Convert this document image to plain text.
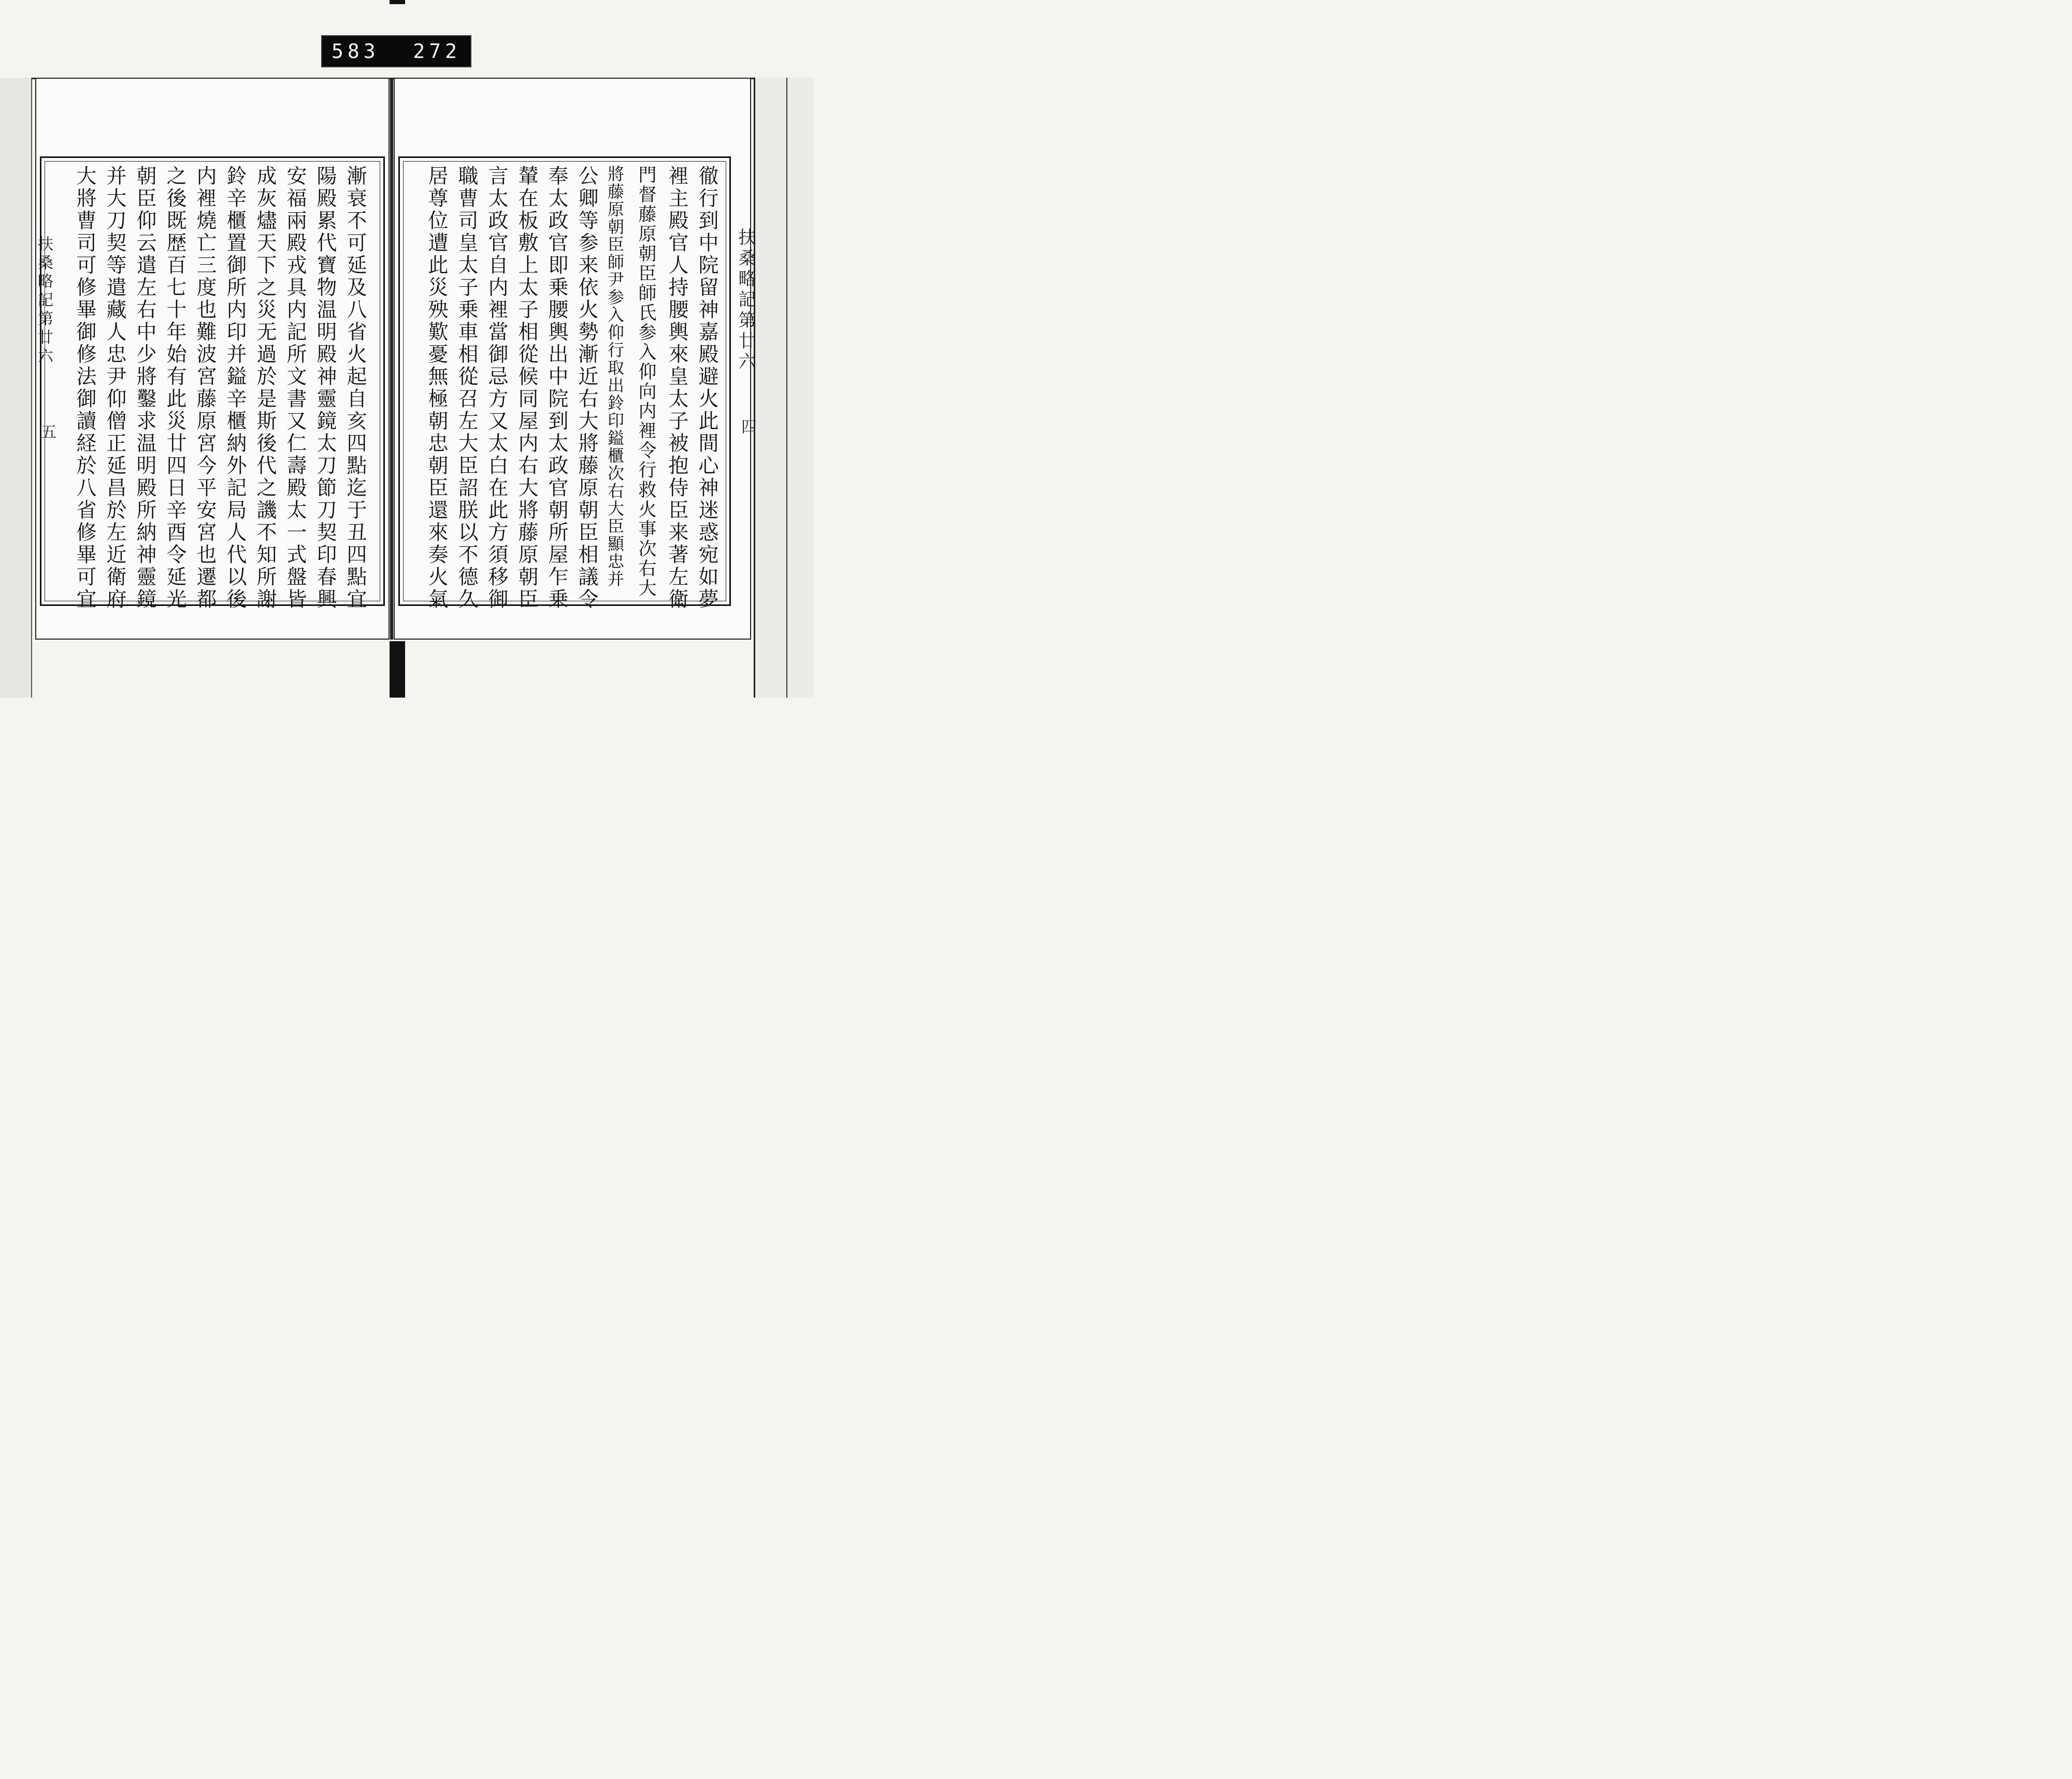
583 272
扶桑略記第廿六
五
扶桑略記第廿六
四
漸衰不可延及八省火起自亥四點迄于丑四點宜
陽殿累代寶物温明殿神靈鏡太刀節刀契印春興
安福兩殿戎具内記所文書又仁壽殿太一式盤皆
成灰燼天下之災无過於是斯後代之譏不知所謝
鈴辛櫃置御所内印并鎰辛櫃納外記局人代以後
内裡燒亡三度也難波宮藤原宮今平安宮也遷都
之後既歴百七十年始有此災廿四日辛酉令延光
朝臣仰云遣左右中少將鑿求温明殿所納神靈鏡
并大刀契等遣藏人忠尹仰僧正延昌於左近衛府
大將曹司可修畢御修法御讀経於八省修畢可宜	徹行到中院留神嘉殿避火此間心神迷惑宛如夢
裡主殿官人持腰輿來皇太子被抱侍臣来著左衛
門督藤原朝臣師氏参入仰向内裡令行救火事次右大
將藤原朝臣師尹参入仰行取出鈴印鎰櫃次右大臣顯忠并
公卿等参来依火勢漸近右大將藤原朝臣相議令
奉太政官即乗腰輿出中院到太政官朝所屋乍乗
輦在板敷上太子相從候同屋内右大將藤原朝臣
言太政官自内裡當御忌方又太白在此方須移御
職曹司皇太子乗車相從召左大臣詔朕以不德久
居尊位遭此災殃歎憂無極朝忠朝臣還來奏火氣
